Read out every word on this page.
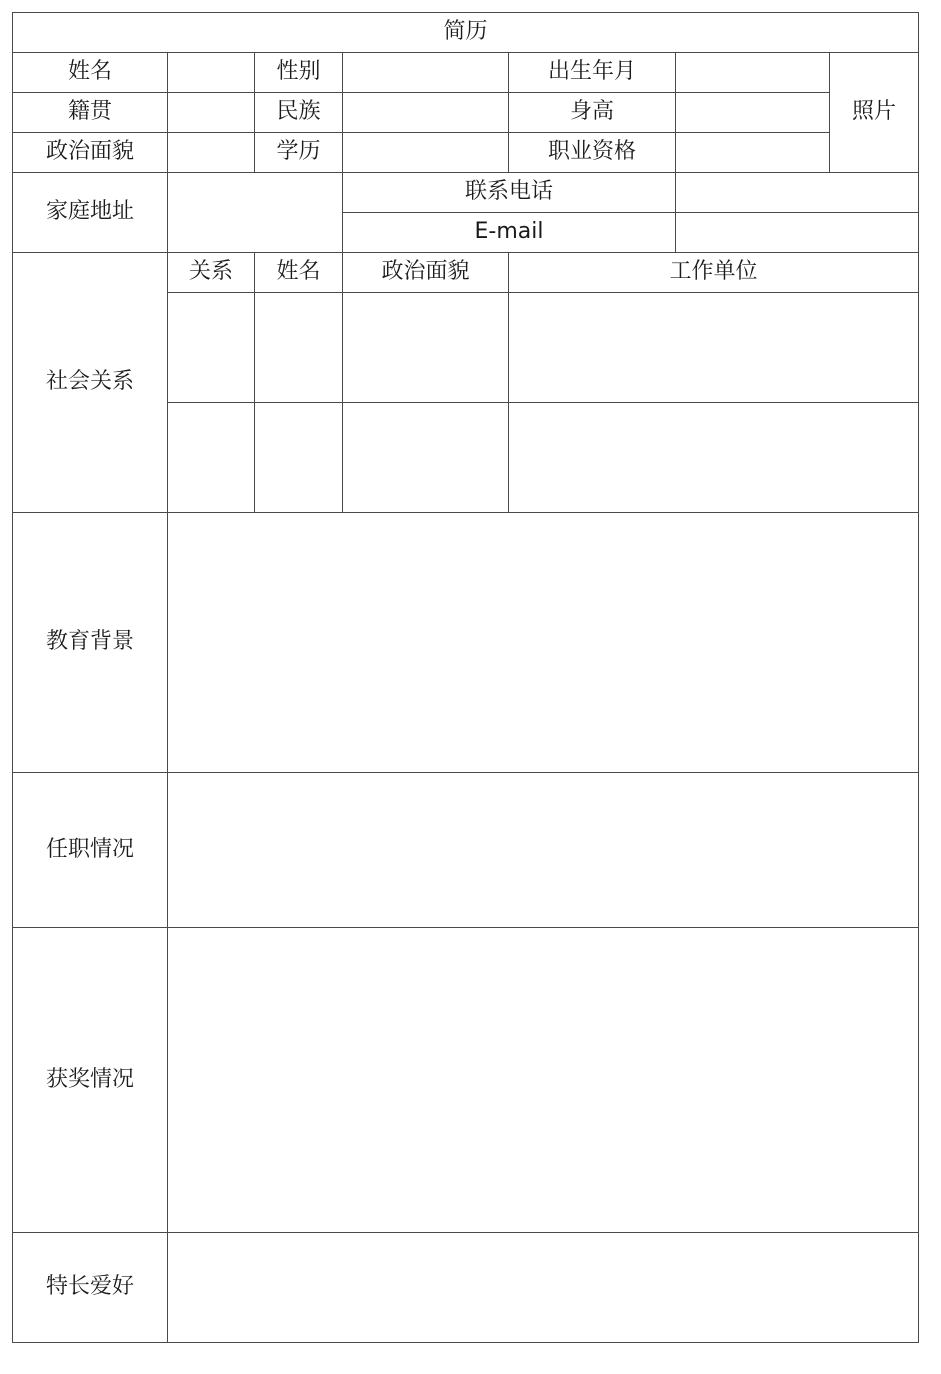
简历						
姓名		性别		出生年月		照片
籍贯		民族		身高		
政治面貌		学历		职业资格		
家庭地址			联系电话			
			E-mail			
社会关系	关系	姓名	政治面貌	工作单位		

教育背景						
任职情况						
获奖情况						
特长爱好						
